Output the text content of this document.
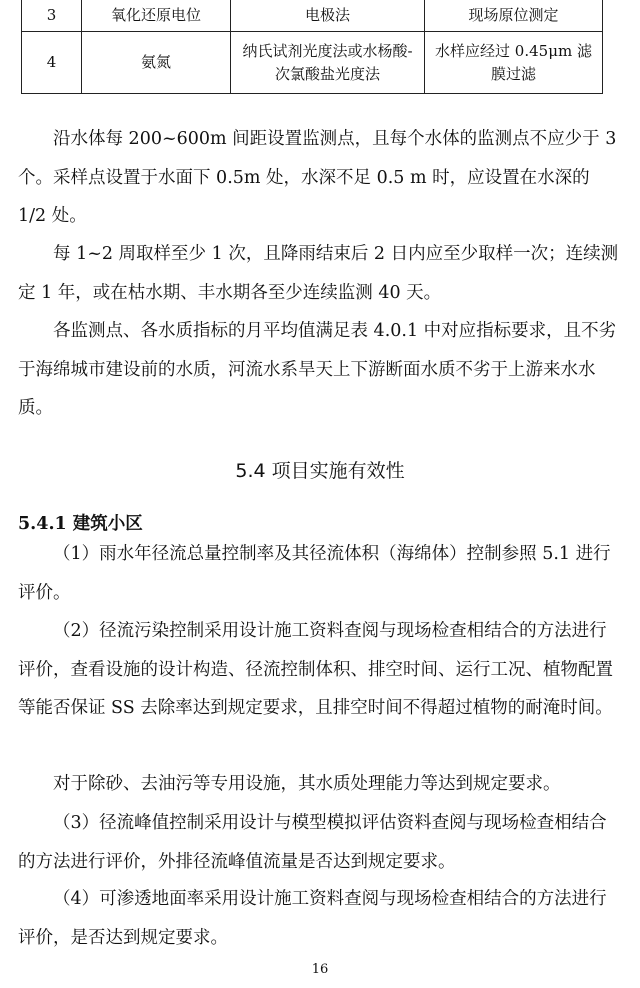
3	氧化还原电位	电极法	现场原位测定
4	氨氮	纳氏试剂光度法或水杨酸-次氯酸盐光度法	水样应经过 0.45μm 滤膜过滤

沿水体每 200~600m 间距设置监测点，且每个水体的监测点不应少于 3 个。采样点设置于水面下 0.5m 处，水深不足 0.5 m 时，应设置在水深的 1/2 处。

每 1~2 周取样至少 1 次，且降雨结束后 2 日内应至少取样一次；连续测定 1 年，或在枯水期、丰水期各至少连续监测 40 天。

各监测点、各水质指标的月平均值满足表 4.0.1 中对应指标要求，且不劣于海绵城市建设前的水质，河流水系旱天上下游断面水质不劣于上游来水水质。

5.4 项目实施有效性

5.4.1 建筑小区

（1）雨水年径流总量控制率及其径流体积（海绵体）控制参照 5.1 进行评价。

（2）径流污染控制采用设计施工资料查阅与现场检查相结合的方法进行评价，查看设施的设计构造、径流控制体积、排空时间、运行工况、植物配置等能否保证 SS 去除率达到规定要求，且排空时间不得超过植物的耐淹时间。

对于除砂、去油污等专用设施，其水质处理能力等达到规定要求。

（3）径流峰值控制采用设计与模型模拟评估资料查阅与现场检查相结合的方法进行评价，外排径流峰值流量是否达到规定要求。

（4）可渗透地面率采用设计施工资料查阅与现场检查相结合的方法进行评价，是否达到规定要求。

16
